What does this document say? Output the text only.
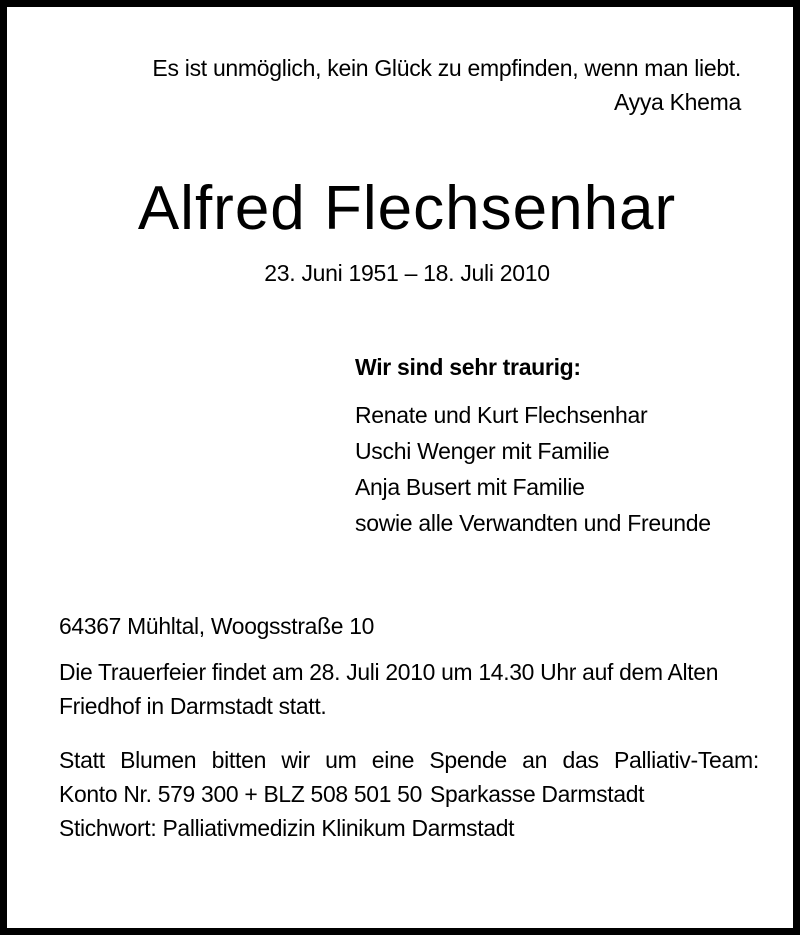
Es ist unmöglich, kein Glück zu empfinden, wenn man liebt.
Ayya Khema
Alfred Flechsenhar
23. Juni 1951 – 18. Juli 2010
Wir sind sehr traurig:
Renate und Kurt Flechsenhar
Uschi Wenger mit Familie
Anja Busert mit Familie
sowie alle Verwandten und Freunde
64367 Mühltal, Woogsstraße 10
Die Trauerfeier findet am 28. Juli 2010 um 14.30 Uhr auf dem Alten Friedhof in Darmstadt statt.
Statt Blumen bitten wir um eine Spende an das Palliativ-Team:
Konto Nr. 579 300 + BLZ 508 501 50 Sparkasse Darmstadt Stichwort: Palliativmedizin Klinikum Darmstadt
